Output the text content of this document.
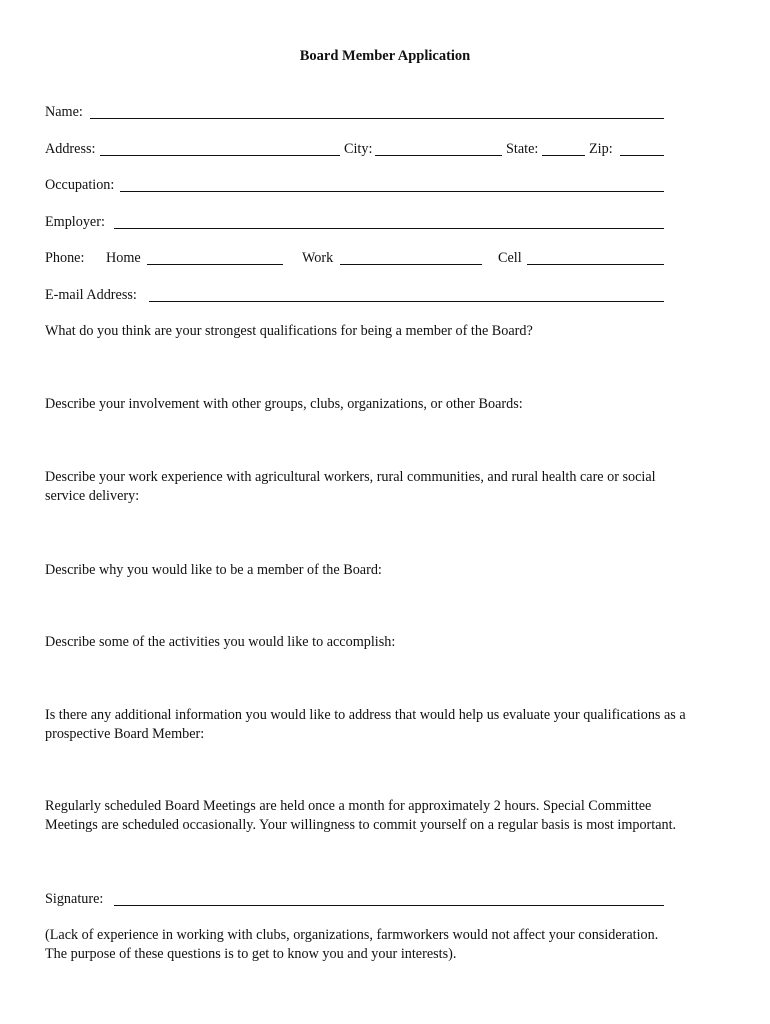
Board Member Application
Name:
Address:	City:	State:	Zip:
Occupation:
Employer:
Phone: Home	Work	Cell
E-mail Address:
What do you think are your strongest qualifications for being a member of the Board?
Describe your involvement with other groups, clubs, organizations, or other Boards:
Describe your work experience with agricultural workers, rural communities, and rural health care or social
service delivery:
Describe why you would like to be a member of the Board:
Describe some of the activities you would like to accomplish:
Is there any additional information you would like to address that would help us evaluate your qualifications as a
prospective Board Member:
Regularly scheduled Board Meetings are held once a month for approximately 2 hours. Special Committee
Meetings are scheduled occasionally. Your willingness to commit yourself on a regular basis is most important.
Signature:
(Lack of experience in working with clubs, organizations, farmworkers would not affect your consideration.
The purpose of these questions is to get to know you and your interests).
